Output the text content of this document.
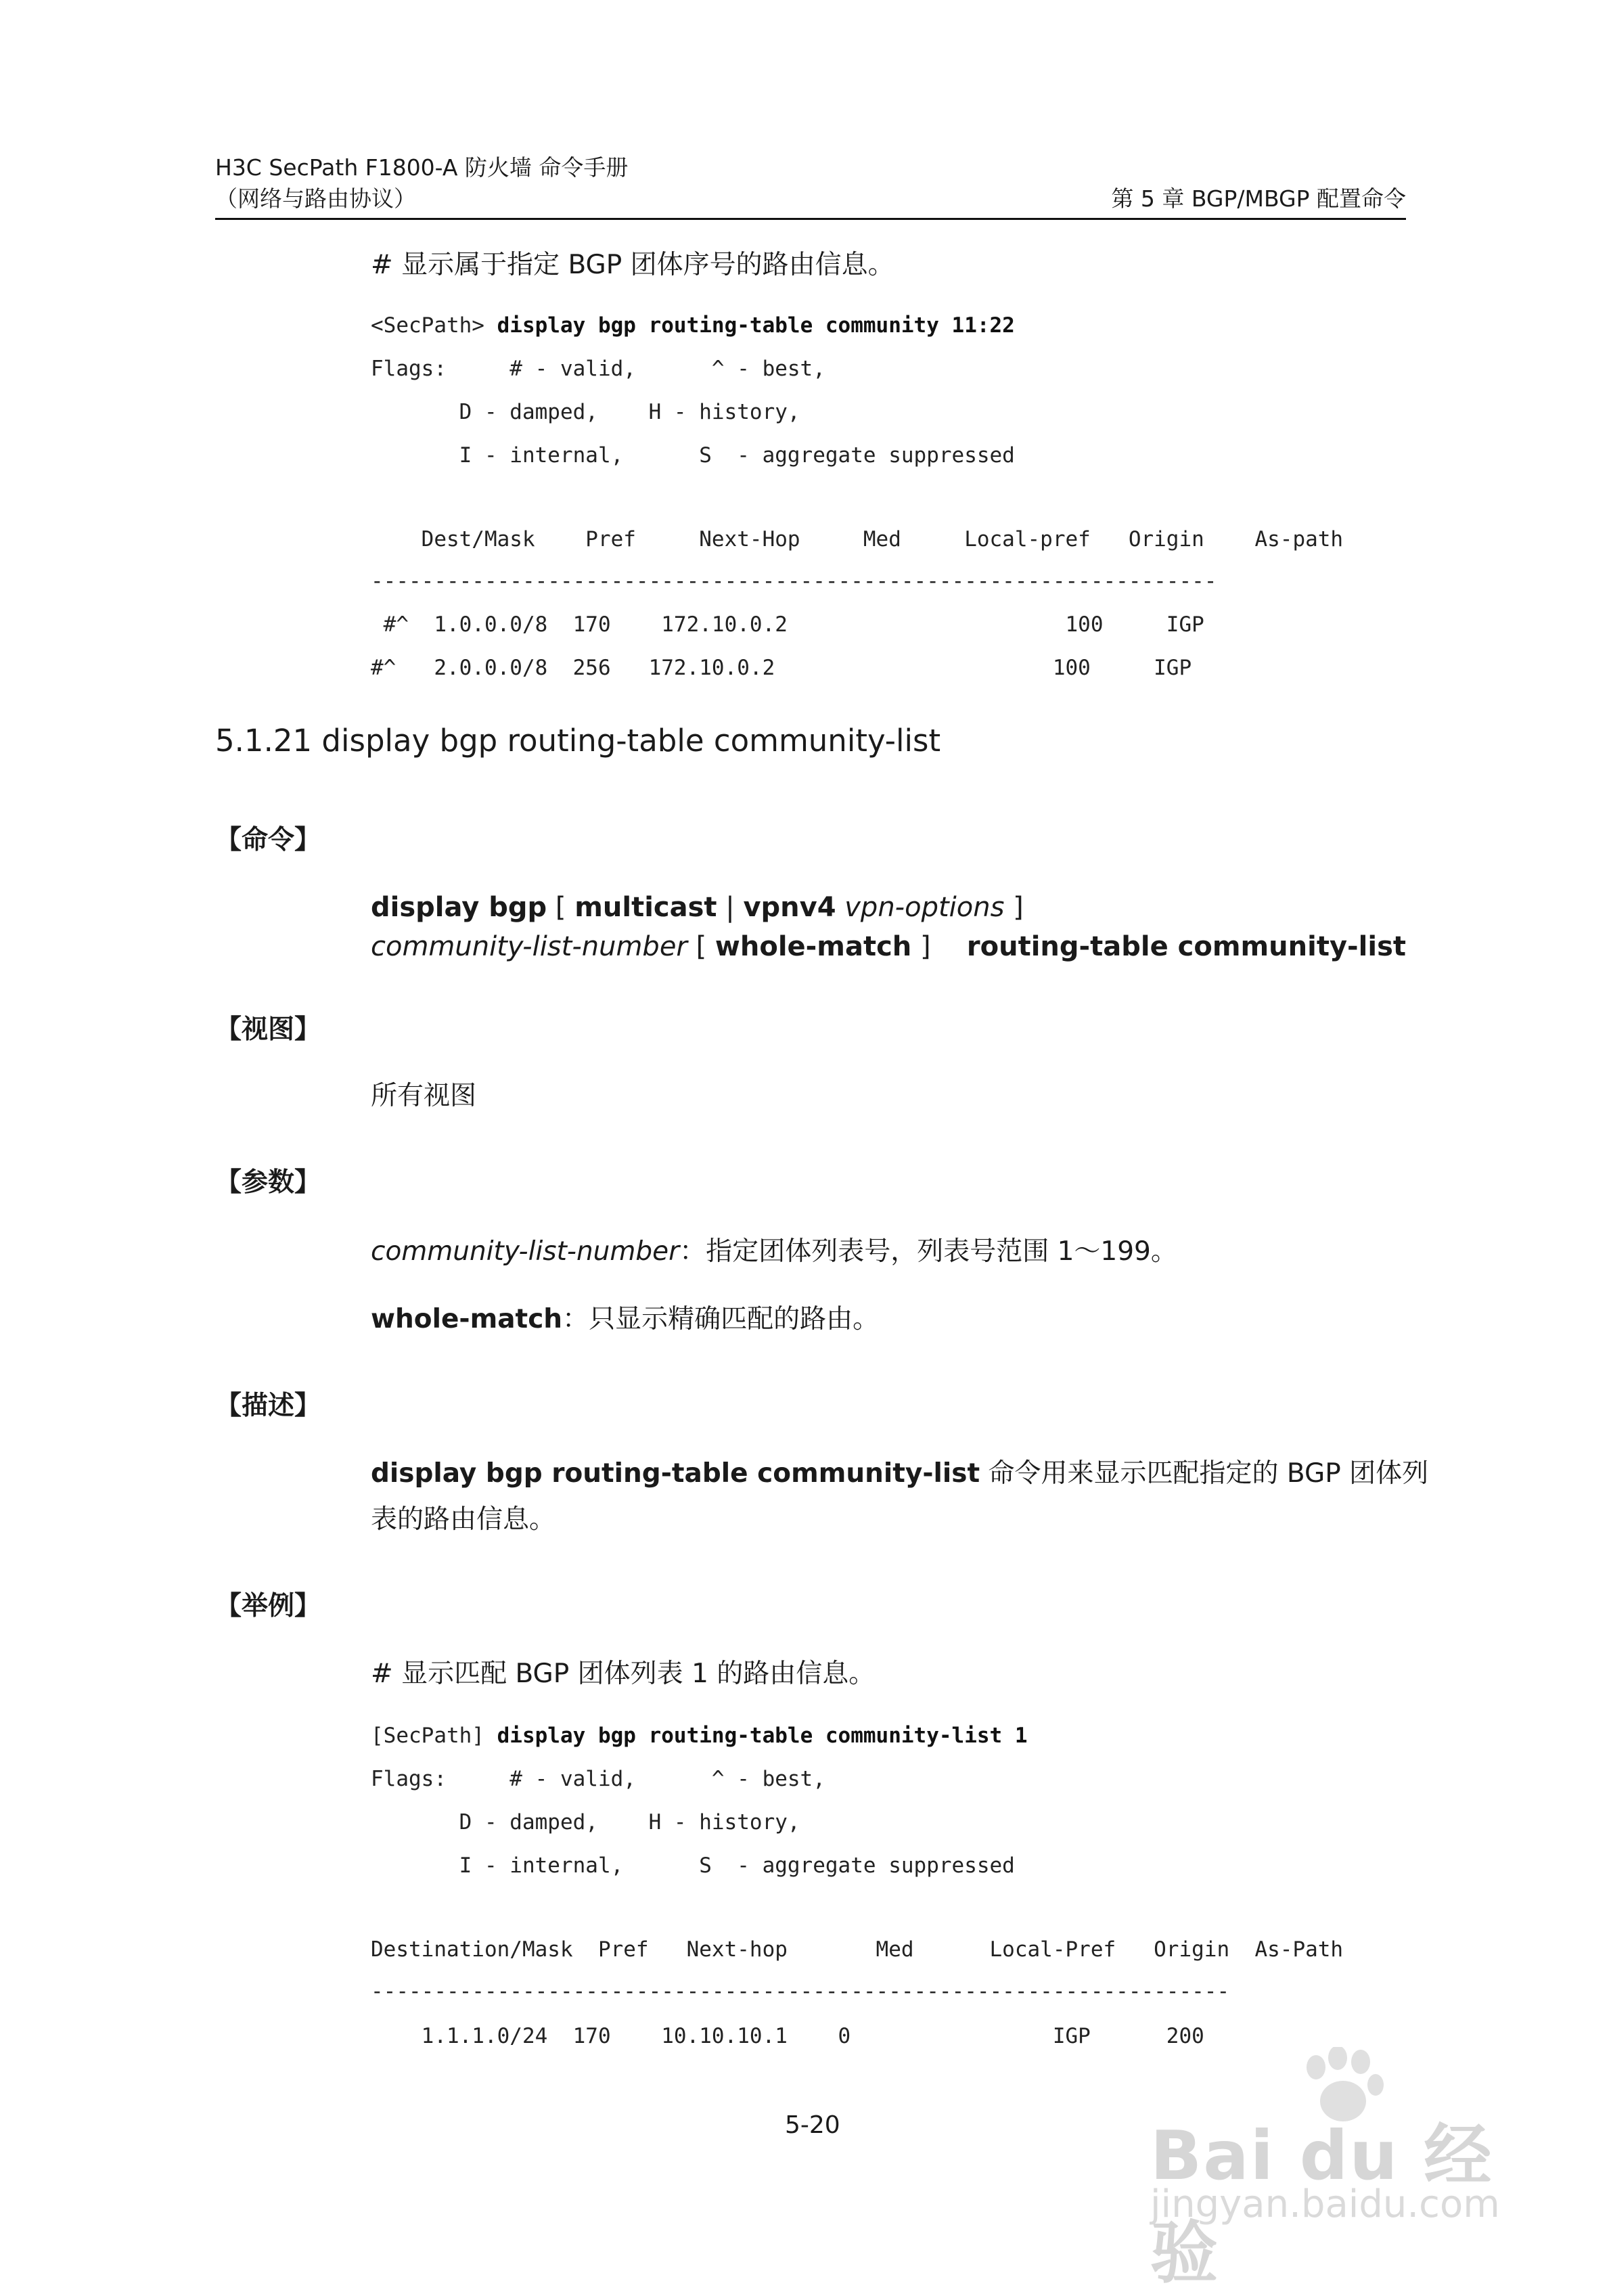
H3C SecPath F1800-A 防火墙 命令手册
（网络与路由协议）	第 5 章 BGP/MBGP 配置命令
# 显示属于指定 BGP 团体序号的路由信息。
<SecPath> display bgp routing-table community 11:22
Flags:     # - valid,      ^ - best,
D - damped,    H - history,
I - internal,      S  - aggregate suppressed
Dest/Mask    Pref     Next-Hop     Med     Local-pref   Origin    As-path
-------------------------------------------------------------------
#^  1.0.0.0/8  170    172.10.0.2                      100     IGP
#^   2.0.0.0/8  256   172.10.0.2                      100     IGP
5.1.21 display bgp routing-table community-list
【命令】
display bgp [ multicast | vpnv4 vpn-options ]
routing-table community-list
community-list-number [ whole-match ]
【视图】
所有视图
【参数】
community-list-number：指定团体列表号，列表号范围 1～199。
whole-match：只显示精确匹配的路由。
【描述】
display bgp routing-table community-list 命令用来显示匹配指定的 BGP 团体列
表的路由信息。
【举例】
# 显示匹配 BGP 团体列表 1 的路由信息。
[SecPath] display bgp routing-table community-list 1
Flags:     # - valid,      ^ - best,
D - damped,    H - history,
I - internal,      S  - aggregate suppressed
Destination/Mask  Pref   Next-hop       Med      Local-Pref   Origin  As-Path
--------------------------------------------------------------------
1.1.1.0/24  170    10.10.10.1    0                IGP      200
5-20	Bai du 经验
jingyan.baidu.com
